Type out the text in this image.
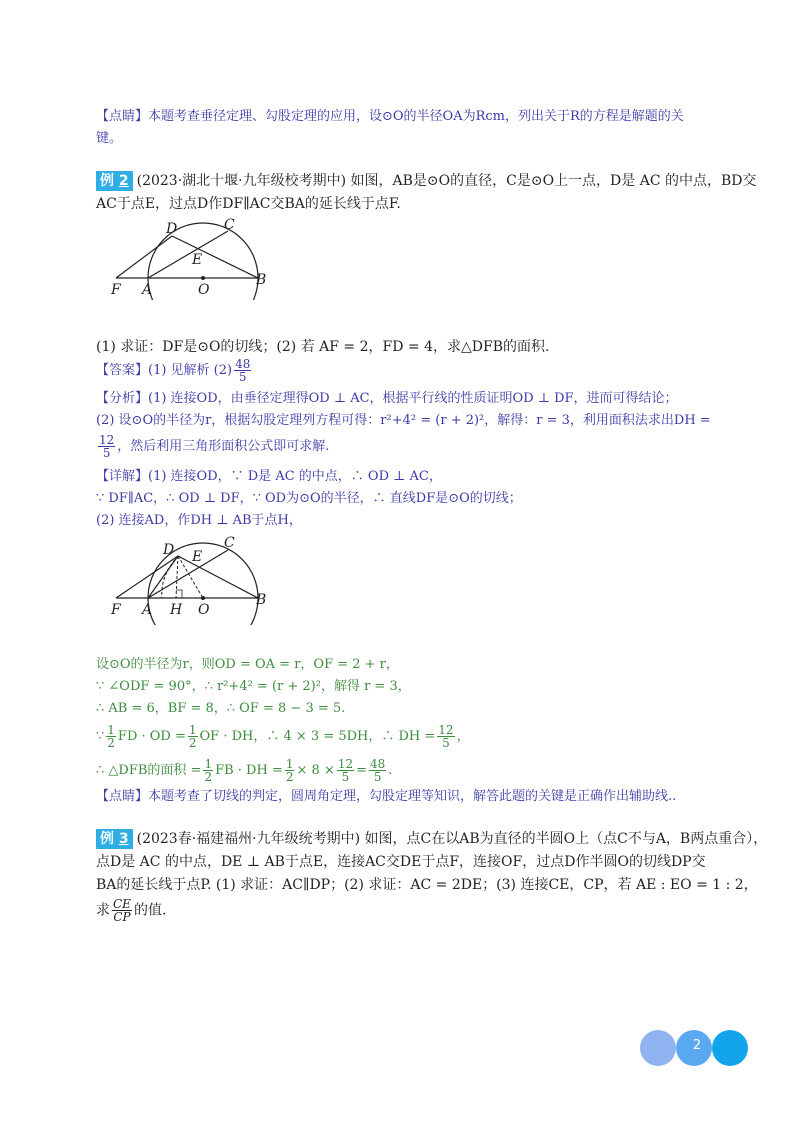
【点睛】本题考查垂径定理、勾股定理的应用，设⊙O的半径OA为Rcm，列出关于R的方程是解题的关
键。
例 2 (2023·湖北十堰·九年级校考期中) 如图，AB是⊙O的直径，C是⊙O上一点，D是 AC 的中点，BD交
AC于点E，过点D作DF∥AC交BA的延长线于点F.
D	C
E
F A	O
B
(1) 求证：DF是⊙O的切线；(2) 若 AF = 2，FD = 4，求△DFB的面积.
【答案】(1) 见解析 $(2) \frac{48}{5}$
【分析】(1) 连接OD，由垂径定理得OD ⊥ AC，根据平行线的性质证明OD ⊥ DF，进而可得结论；
(2) 设⊙O的半径为r，根据勾股定理列方程可得：r²+4² = (r + 2)²，解得：r = 3，利用面积法求出DH =
$\frac{12}{5}$ ，然后利用三角形面积公式即可求解.
【详解】(1) 连接OD，∵ D是 AC 的中点，∴ OD ⊥ AC，
∵ DF∥AC，∴ OD ⊥ DF，∵ OD为⊙O的半径，∴ 直线DF是⊙O的切线；
(2) 连接AD，作DH ⊥ AB于点H，
D E
C
F A H O
B
设⊙O的半径为r，则OD = OA = r，OF = 2 + r，
∵ ∠ODF = 90°，∴ r²+4² = (r + 2)²，解得 r = 3，
∴ AB = 6，BF = 8，∴ OF = 8 − 3 = 5.
∵ $\frac{1}{2}$ FD · OD = $\frac{1}{2}$ OF · DH，∴ 4 × 3 = 5DH，∴ DH = $\frac{12}{5}$ ，
∴ △DFB的面积 = $\frac{1}{2}$ FB · DH = $\frac{1}{2} \times 8 \times \frac{12}{5} = \frac{48}{5}$ .
【点睛】本题考查了切线的判定，圆周角定理，勾股定理等知识，解答此题的关键是正确作出辅助线..
例 3 (2023春·福建福州·九年级统考期中) 如图，点C在以AB为直径的半圆O上（点C不与A，B两点重合），
点D是 AC 的中点，DE ⊥ AB于点E，连接AC交DE于点F，连接OF，过点D作半圆O的切线DP交
BA的延长线于点P. (1) 求证：AC∥DP；(2) 求证：AC = 2DE；(3) 连接CE，CP，若 AE : EO = 1 : 2，
求 $\frac{CE}{CP}$ 的值.
2
